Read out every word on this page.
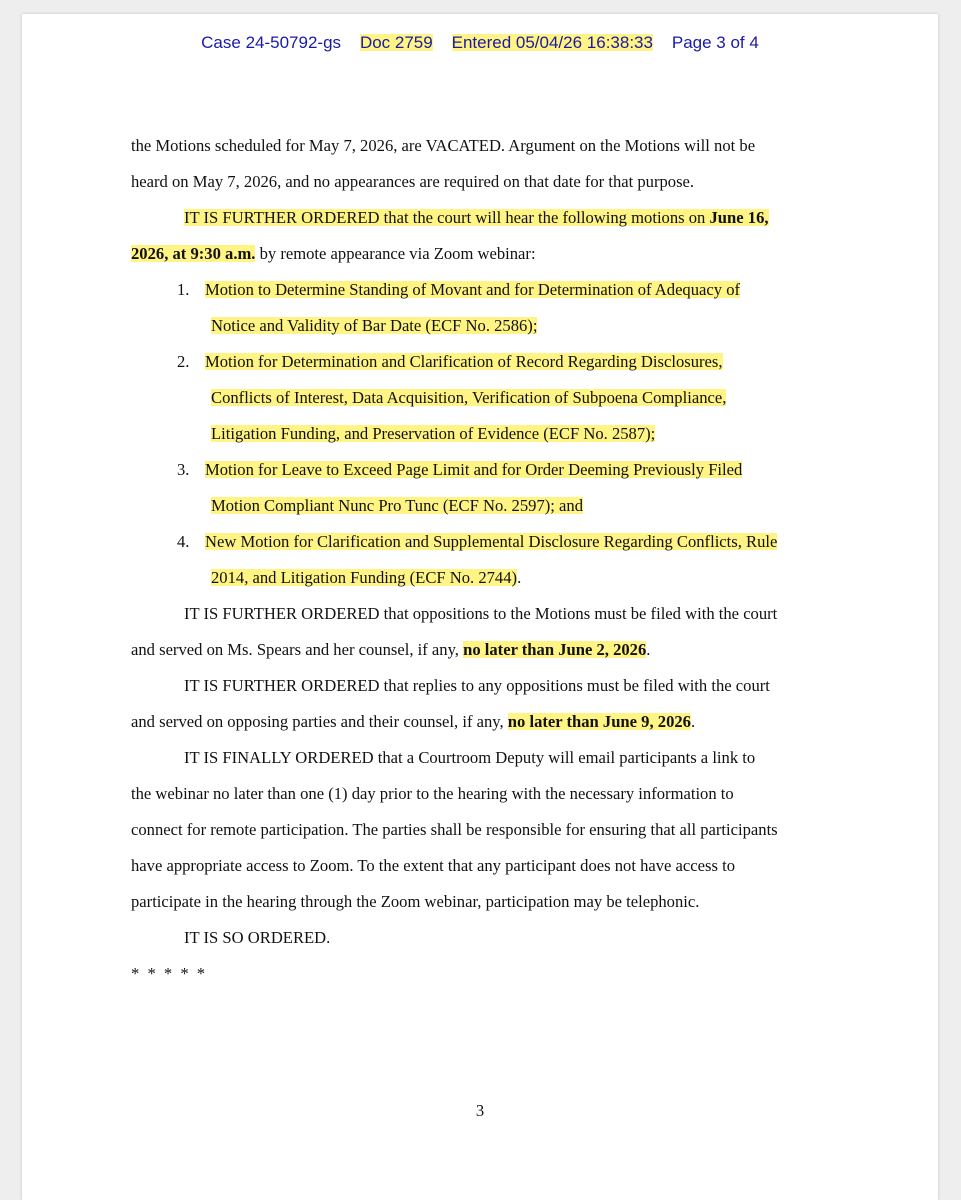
Case 24-50792-gs Doc 2759 Entered 05/04/26 16:38:33 Page 3 of 4
the Motions scheduled for May 7, 2026, are VACATED. Argument on the Motions will not be
heard on May 7, 2026, and no appearances are required on that date for that purpose.
IT IS FURTHER ORDERED that the court will hear the following motions on June 16,
2026, at 9:30 a.m. by remote appearance via Zoom webinar:
1. Motion to Determine Standing of Movant and for Determination of Adequacy of
Notice and Validity of Bar Date (ECF No. 2586);
2. Motion for Determination and Clarification of Record Regarding Disclosures,
Conflicts of Interest, Data Acquisition, Verification of Subpoena Compliance,
Litigation Funding, and Preservation of Evidence (ECF No. 2587);
3. Motion for Leave to Exceed Page Limit and for Order Deeming Previously Filed
Motion Compliant Nunc Pro Tunc (ECF No. 2597); and
4. New Motion for Clarification and Supplemental Disclosure Regarding Conflicts, Rule
2014, and Litigation Funding (ECF No. 2744).
IT IS FURTHER ORDERED that oppositions to the Motions must be filed with the court
and served on Ms. Spears and her counsel, if any, no later than June 2, 2026.
IT IS FURTHER ORDERED that replies to any oppositions must be filed with the court
and served on opposing parties and their counsel, if any, no later than June 9, 2026.
IT IS FINALLY ORDERED that a Courtroom Deputy will email participants a link to
the webinar no later than one (1) day prior to the hearing with the necessary information to
connect for remote participation. The parties shall be responsible for ensuring that all participants
have appropriate access to Zoom. To the extent that any participant does not have access to
participate in the hearing through the Zoom webinar, participation may be telephonic.
IT IS SO ORDERED.
* * * * *
3
